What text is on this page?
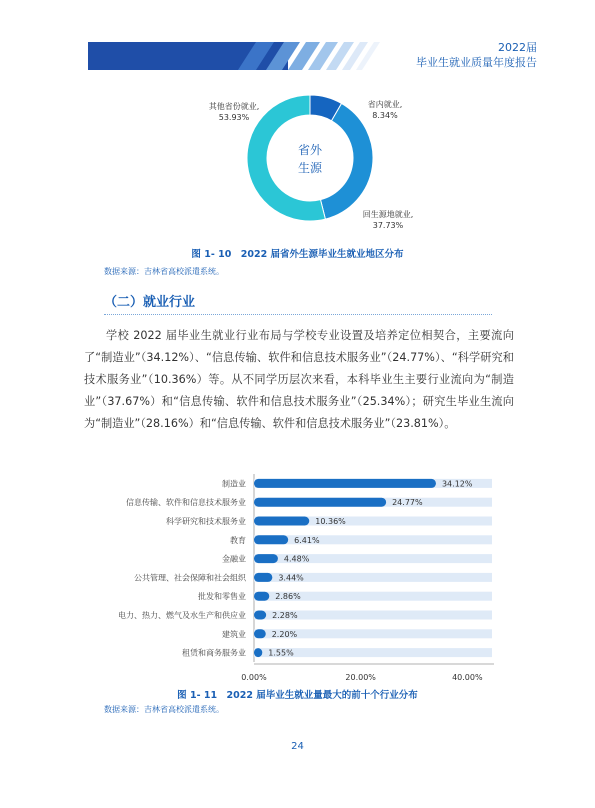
2022届
毕业生就业质量年度报告
省外
生源
其他省份就业,
53.93%
省内就业,
8.34%
回生源地就业,
37.73%
图 1- 10　2022 届省外生源毕业生就业地区分布
数据来源：吉林省高校派遣系统。
（二）就业行业
学校 2022 届毕业生就业行业布局与学校专业设置及培养定位相契合，主要流向了“制造业”（34.12%）、“信息传输、软件和信息技术服务业”（24.77%）、“科学研究和技术服务业”（10.36%）等。从不同学历层次来看，本科毕业生主要行业流向为“制造业”（37.67%）和“信息传输、软件和信息技术服务业”（25.34%）；研究生毕业生流向为“制造业”（28.16%）和“信息传输、软件和信息技术服务业”（23.81%）。
制造业	34.12%
信息传输、软件和信息技术服务业	24.77%
科学研究和技术服务业	10.36%
教育	6.41%
金融业	4.48%
公共管理、社会保障和社会组织	3.44%
批发和零售业	2.86%
电力、热力、燃气及水生产和供应业	2.28%
建筑业	2.20%
租赁和商务服务业	1.55%
0.00%	20.00%	40.00%
图 1- 11　2022 届毕业生就业量最大的前十个行业分布
数据来源：吉林省高校派遣系统。
24
